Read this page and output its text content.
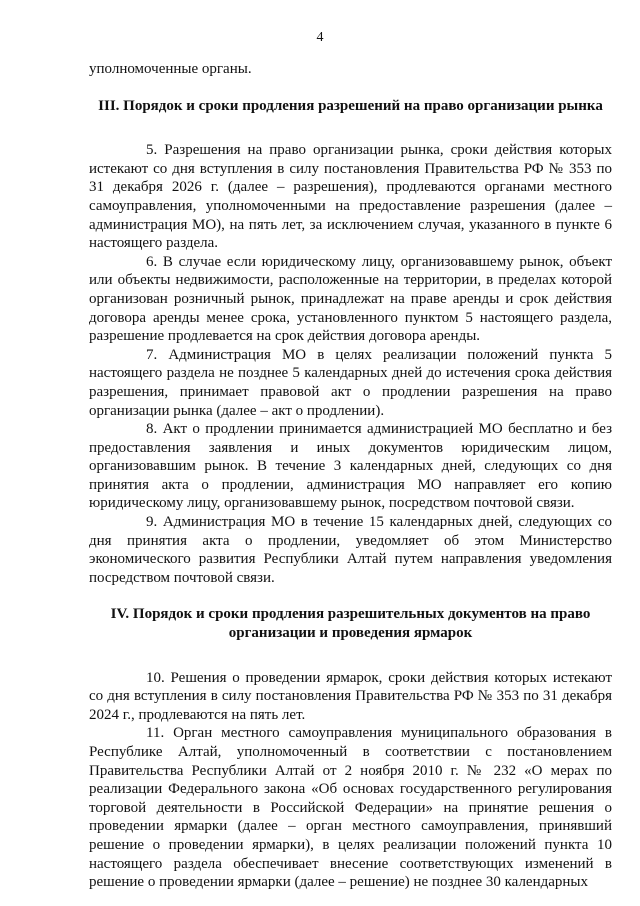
4

уполномоченные органы.

III. Порядок и сроки продления разрешений на право организации рынка

5. Разрешения на право организации рынка, сроки действия которых истекают со дня вступления в силу постановления Правительства РФ № 353 по 31 декабря 2026 г. (далее – разрешения), продлеваются органами местного самоуправления, уполномоченными на предоставление разрешения (далее – администрация МО), на пять лет, за исключением случая, указанного в пункте 6 настоящего раздела.

6. В случае если юридическому лицу, организовавшему рынок, объект или объекты недвижимости, расположенные на территории, в пределах которой организован розничный рынок, принадлежат на праве аренды и срок действия договора аренды менее срока, установленного пунктом 5 настоящего раздела, разрешение продлевается на срок действия договора аренды.

7. Администрация МО в целях реализации положений пункта 5 настоящего раздела не позднее 5 календарных дней до истечения срока действия разрешения, принимает правовой акт о продлении разрешения на право организации рынка (далее – акт о продлении).

8. Акт о продлении принимается администрацией МО бесплатно и без предоставления заявления и иных документов юридическим лицом, организовавшим рынок. В течение 3 календарных дней, следующих со дня принятия акта о продлении, администрация МО направляет его копию юридическому лицу, организовавшему рынок, посредством почтовой связи.

9. Администрация МО в течение 15 календарных дней, следующих со дня принятия акта о продлении, уведомляет об этом Министерство экономического развития Республики Алтай путем направления уведомления посредством почтовой связи.

IV. Порядок и сроки продления разрешительных документов на право
организации и проведения ярмарок

10. Решения о проведении ярмарок, сроки действия которых истекают со дня вступления в силу постановления Правительства РФ № 353 по 31 декабря 2024 г., продлеваются на пять лет.

11. Орган местного самоуправления муниципального образования в Республике Алтай, уполномоченный в соответствии с постановлением Правительства Республики Алтай от 2 ноября 2010 г. № 232 «О мерах по реализации Федерального закона «Об основах государственного регулирования торговой деятельности в Российской Федерации» на принятие решения о проведении ярмарки (далее – орган местного самоуправления, принявший решение о проведении ярмарки), в целях реализации положений пункта 10 настоящего раздела обеспечивает внесение соответствующих изменений в решение о проведении ярмарки (далее – решение) не позднее 30 календарных
